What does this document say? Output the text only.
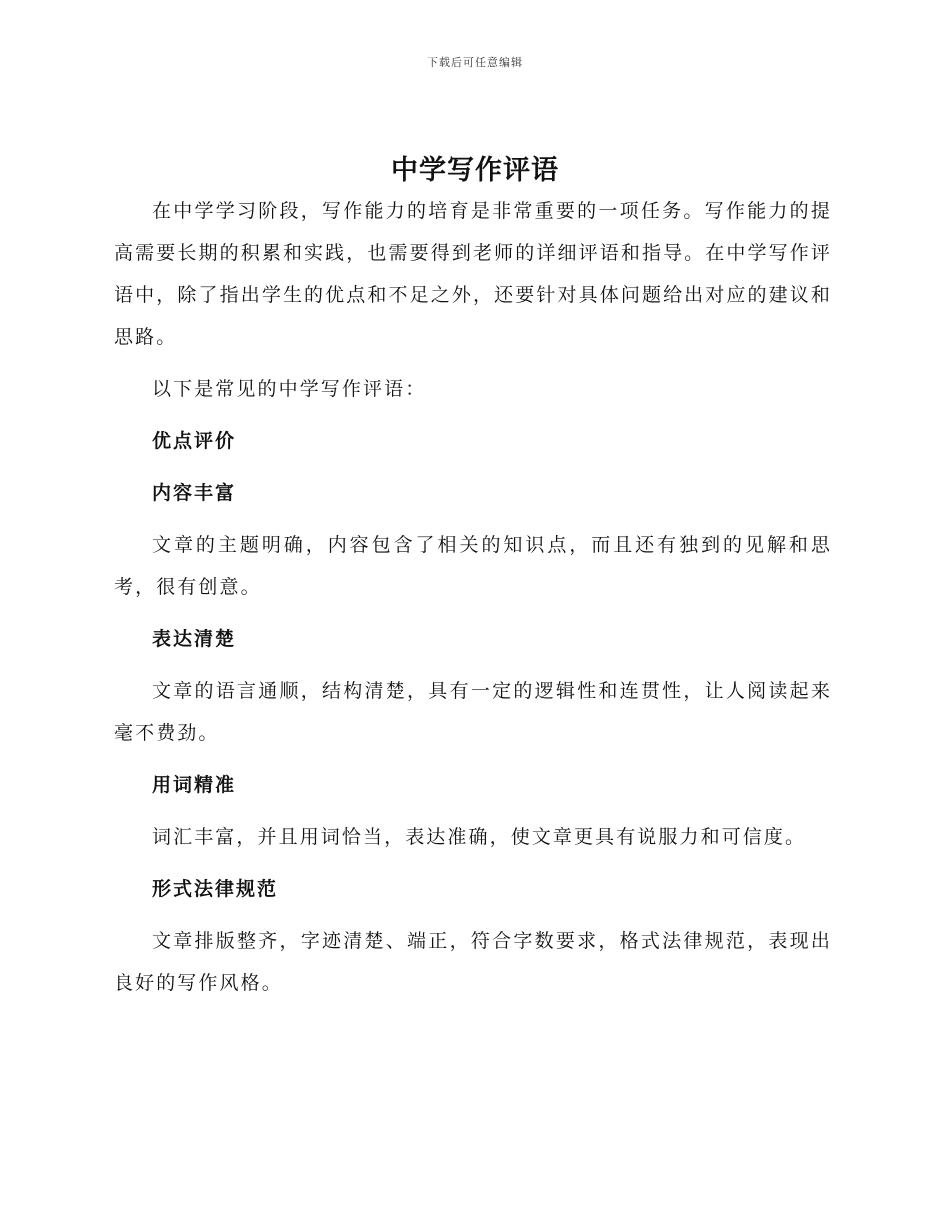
下载后可任意编辑
中学写作评语

在中学学习阶段，写作能力的培育是非常重要的一项任务。写作能力的提高需要长期的积累和实践，也需要得到老师的详细评语和指导。在中学写作评语中，除了指出学生的优点和不足之外，还要针对具体问题给出对应的建议和思路。

以下是常见的中学写作评语：

优点评价

内容丰富

文章的主题明确，内容包含了相关的知识点，而且还有独到的见解和思考，很有创意。

表达清楚

文章的语言通顺，结构清楚，具有一定的逻辑性和连贯性，让人阅读起来毫不费劲。

用词精准

词汇丰富，并且用词恰当，表达准确，使文章更具有说服力和可信度。

形式法律规范

文章排版整齐，字迹清楚、端正，符合字数要求，格式法律规范，表现出良好的写作风格。
